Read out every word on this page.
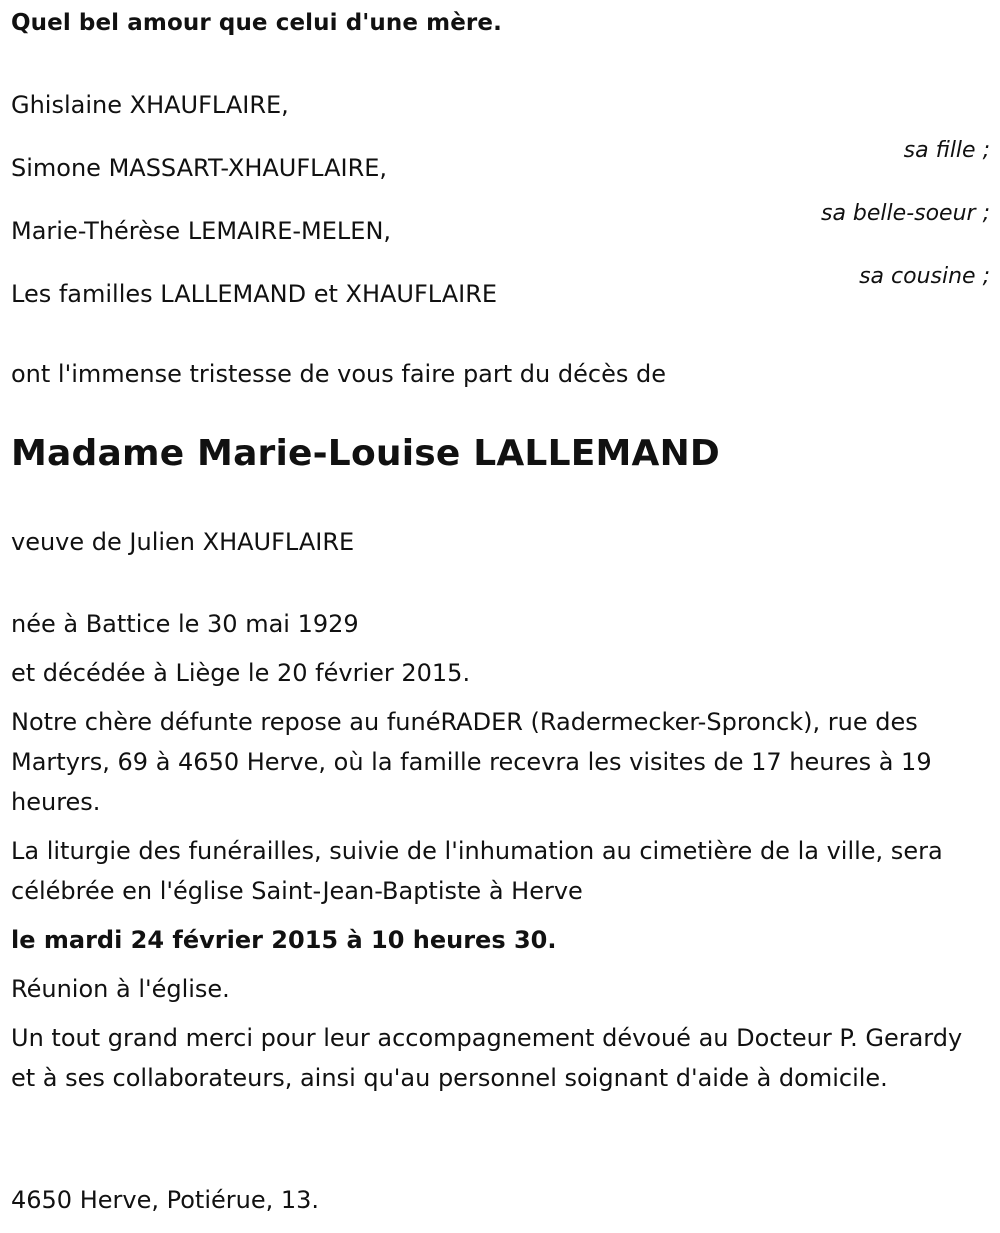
Quel bel amour que celui d'une mère.

Ghislaine XHAUFLAIRE,

sa fille ;

Simone MASSART-XHAUFLAIRE,

sa belle-soeur ;

Marie-Thérèse LEMAIRE-MELEN,

sa cousine ;

Les familles LALLEMAND et XHAUFLAIRE

ont l'immense tristesse de vous faire part du décès de

Madame Marie-Louise LALLEMAND

veuve de Julien XHAUFLAIRE

née à Battice le 30 mai 1929

et décédée à Liège le 20 février 2015.

Notre chère défunte repose au funéRADER (Radermecker-Spronck), rue des Martyrs, 69 à 4650 Herve, où la famille recevra les visites de 17 heures à 19 heures.

La liturgie des funérailles, suivie de l'inhumation au cimetière de la ville, sera célébrée en l'église Saint-Jean-Baptiste à Herve

le mardi 24 février 2015 à 10 heures 30.

Réunion à l'église.

Un tout grand merci pour leur accompagnement dévoué au Docteur P. Gerardy et à ses collaborateurs, ainsi qu'au personnel soignant d'aide à domicile.

4650 Herve, Potiérue, 13.
